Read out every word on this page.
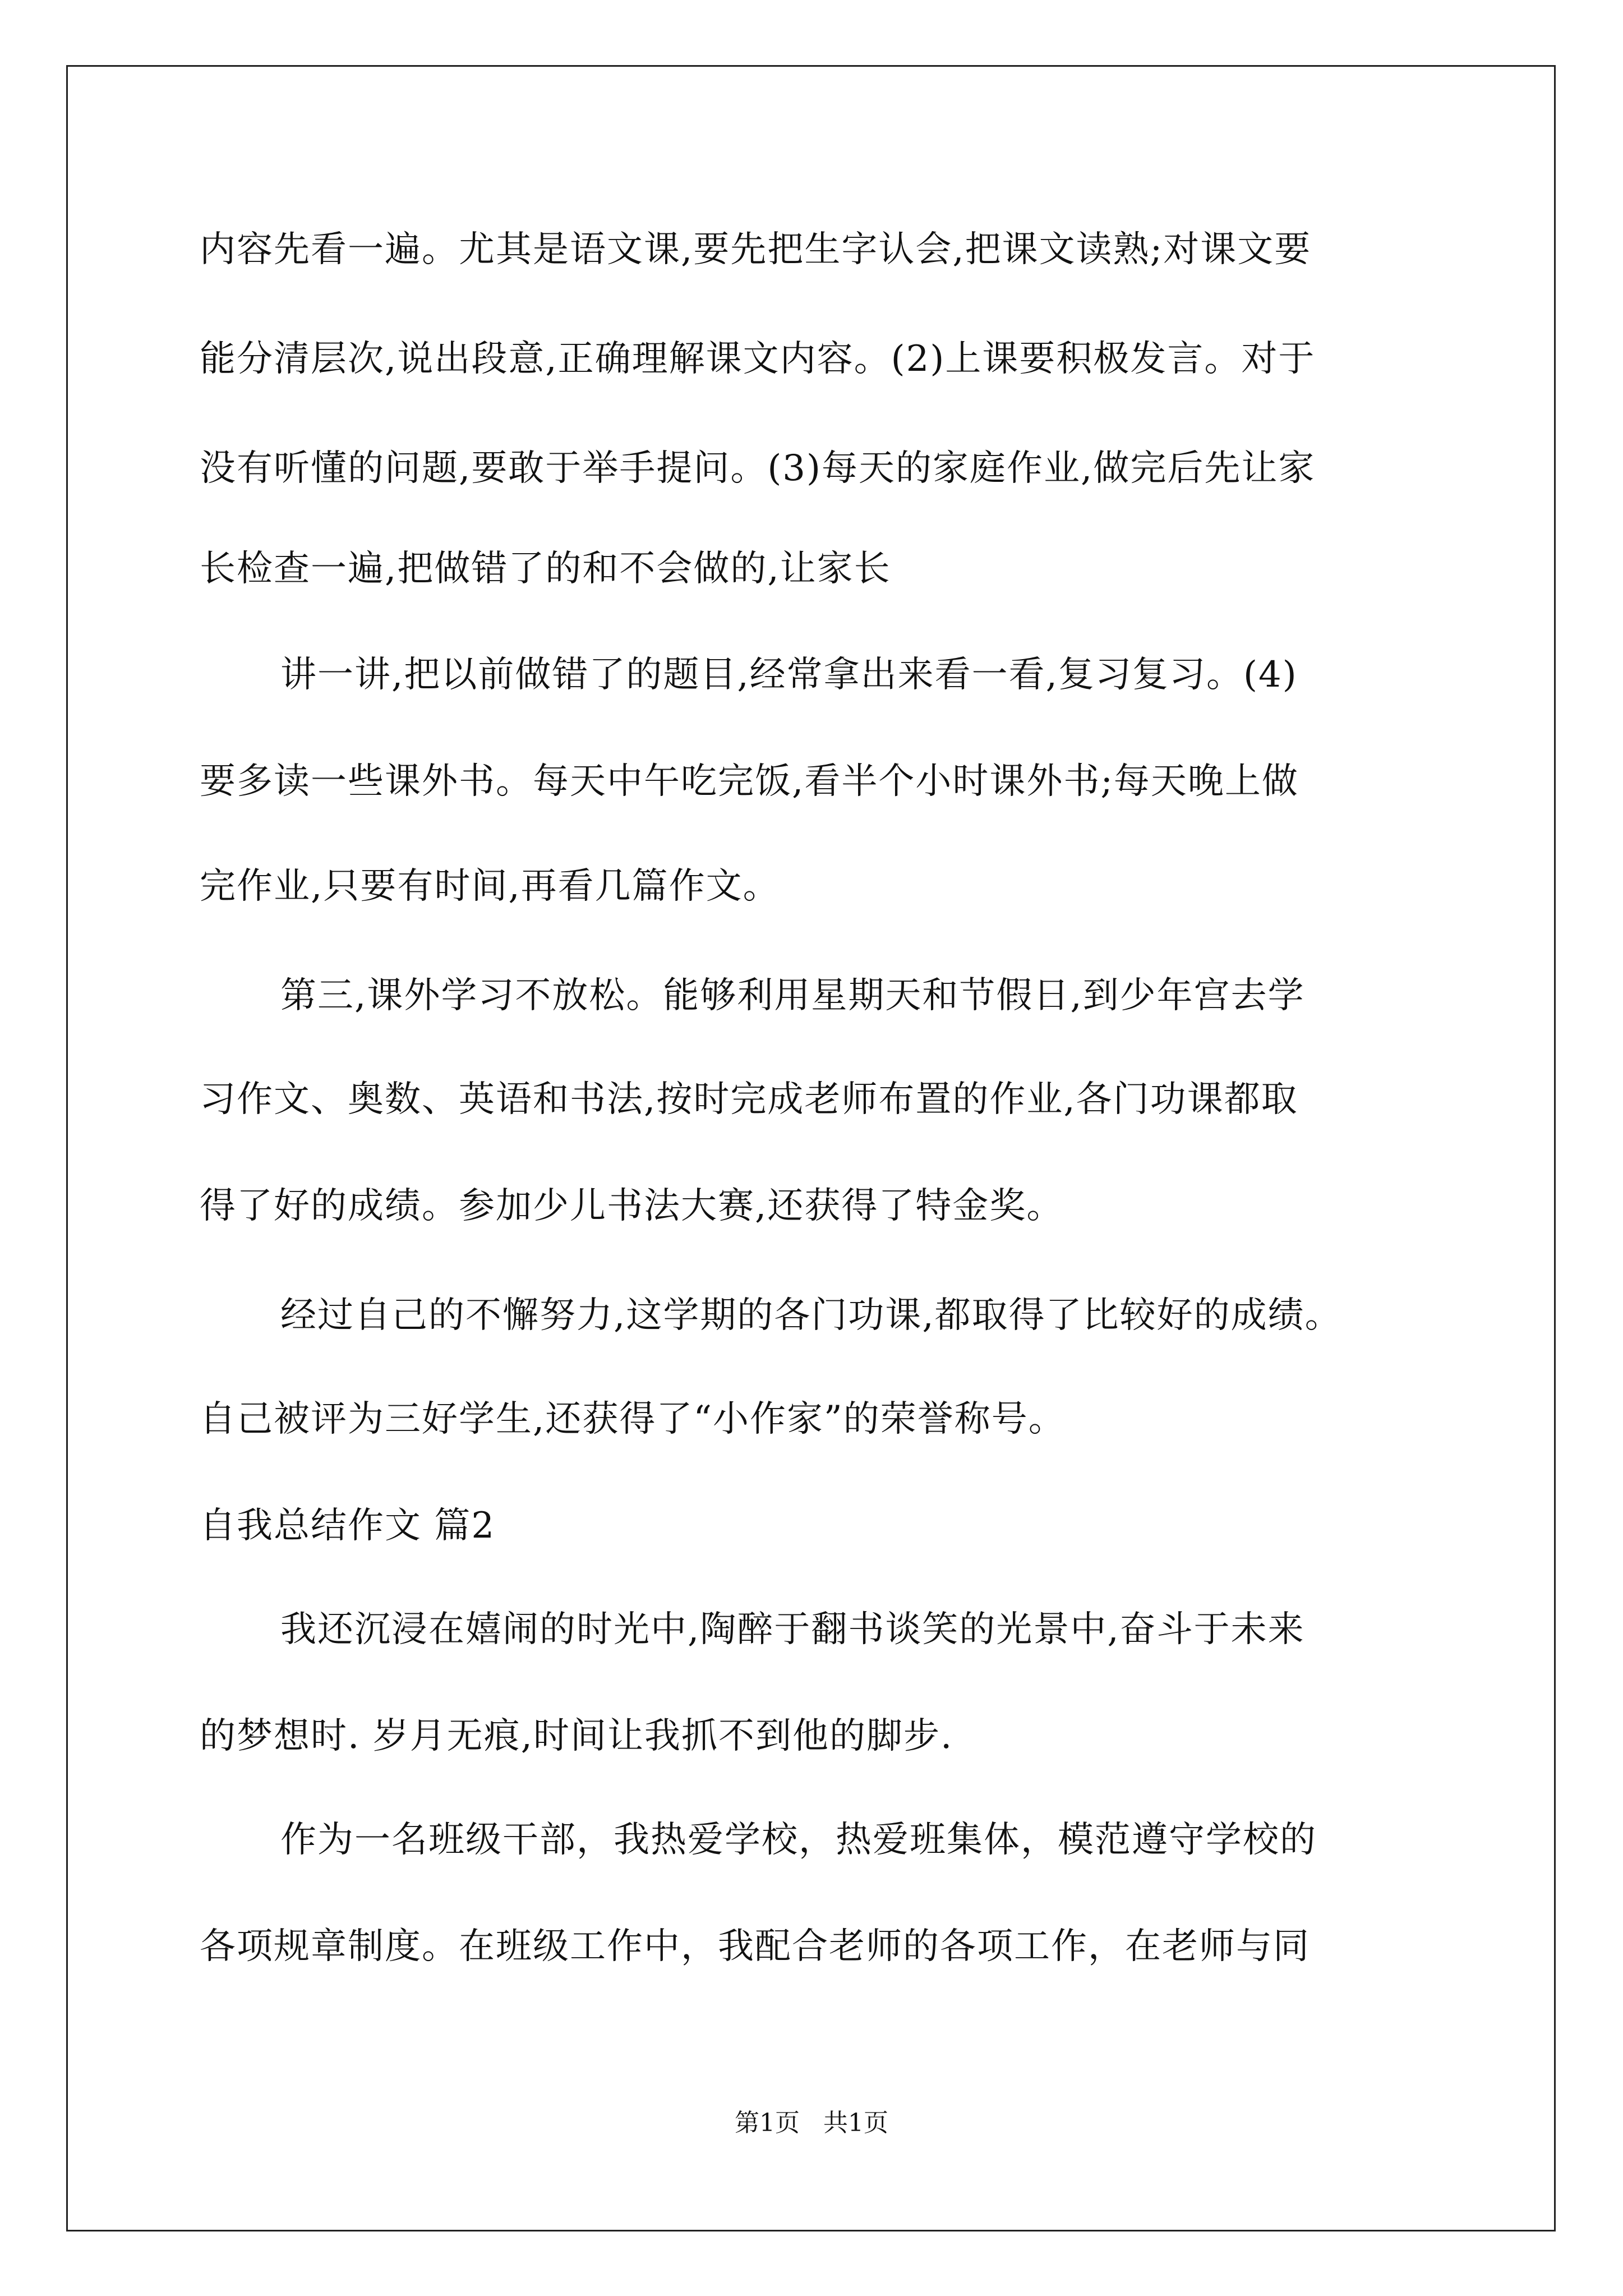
内容先看一遍。尤其是语文课,要先把生字认会,把课文读熟;对课文要
能分清层次,说出段意,正确理解课文内容。(2)上课要积极发言。对于
没有听懂的问题,要敢于举手提问。(3)每天的家庭作业,做完后先让家
长检查一遍,把做错了的和不会做的,让家长
讲一讲,把以前做错了的题目,经常拿出来看一看,复习复习。(4)
要多读一些课外书。每天中午吃完饭,看半个小时课外书;每天晚上做
完作业,只要有时间,再看几篇作文。
第三,课外学习不放松。能够利用星期天和节假日,到少年宫去学
习作文、奥数、英语和书法,按时完成老师布置的作业,各门功课都取
得了好的成绩。参加少儿书法大赛,还获得了特金奖。
经过自己的不懈努力,这学期的各门功课,都取得了比较好的成绩。
自己被评为三好学生,还获得了“小作家”的荣誉称号。
自我总结作文 篇2
我还沉浸在嬉闹的时光中,陶醉于翻书谈笑的光景中,奋斗于未来
的梦想时. 岁月无痕,时间让我抓不到他的脚步.
作为一名班级干部，我热爱学校，热爱班集体，模范遵守学校的
各项规章制度。在班级工作中，我配合老师的各项工作，在老师与同
第1页   共1页
